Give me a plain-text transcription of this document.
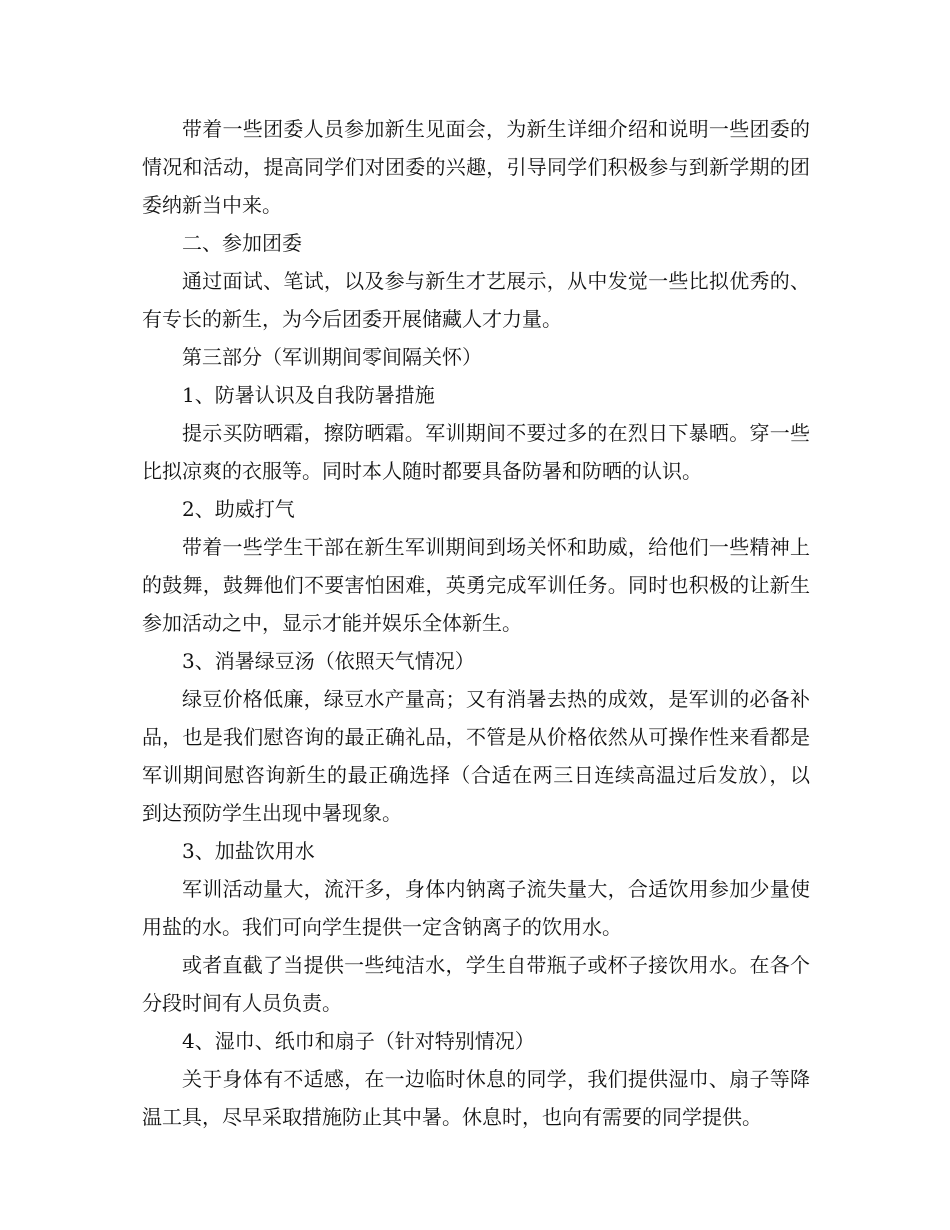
带着一些团委人员参加新生见面会，为新生详细介绍和说明一些团委的情况和活动，提高同学们对团委的兴趣，引导同学们积极参与到新学期的团委纳新当中来。

二、参加团委

通过面试、笔试，以及参与新生才艺展示，从中发觉一些比拟优秀的、有专长的新生，为今后团委开展储藏人才力量。

第三部分（军训期间零间隔关怀）

1、防暑认识及自我防暑措施

提示买防晒霜，擦防晒霜。军训期间不要过多的在烈日下暴晒。穿一些比拟凉爽的衣服等。同时本人随时都要具备防暑和防晒的认识。

2、助威打气

带着一些学生干部在新生军训期间到场关怀和助威，给他们一些精神上的鼓舞，鼓舞他们不要害怕困难，英勇完成军训任务。同时也积极的让新生参加活动之中，显示才能并娱乐全体新生。

3、消暑绿豆汤（依照天气情况）

绿豆价格低廉，绿豆水产量高；又有消暑去热的成效，是军训的必备补品，也是我们慰咨询的最正确礼品，不管是从价格依然从可操作性来看都是军训期间慰咨询新生的最正确选择（合适在两三日连续高温过后发放），以到达预防学生出现中暑现象。

3、加盐饮用水

军训活动量大，流汗多，身体内钠离子流失量大，合适饮用参加少量使用盐的水。我们可向学生提供一定含钠离子的饮用水。

或者直截了当提供一些纯洁水，学生自带瓶子或杯子接饮用水。在各个分段时间有人员负责。

4、湿巾、纸巾和扇子（针对特别情况）

关于身体有不适感，在一边临时休息的同学，我们提供湿巾、扇子等降温工具，尽早采取措施防止其中暑。休息时，也向有需要的同学提供。
